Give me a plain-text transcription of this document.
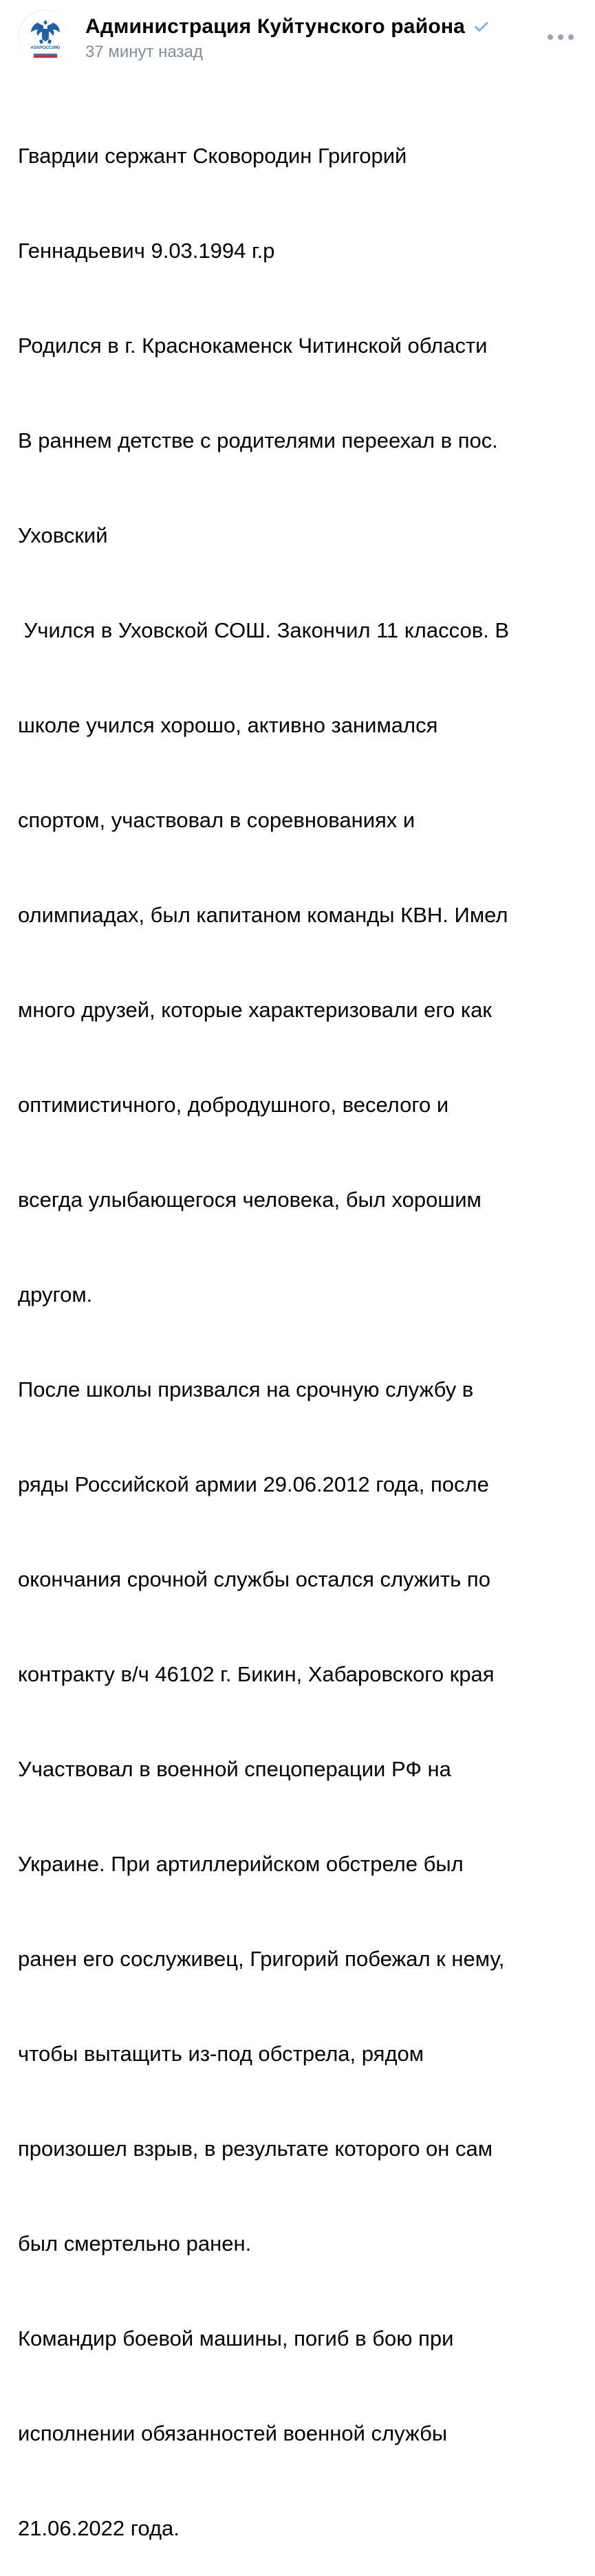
#ЗАРОССИЮ
Администрация Куйтунского района
37 минут назад

Гвардии сержант Сковородин Григорий

Геннадьевич 9.03.1994 г.р

Родился в г. Краснокаменск Читинской области

В раннем детстве с родителями переехал в пос.

Уховский

Учился в Уховской СОШ. Закончил 11 классов. В

школе учился хорошо, активно занимался

спортом, участвовал в соревнованиях и

олимпиадах, был капитаном команды КВН. Имел

много друзей, которые характеризовали его как

оптимистичного, добродушного, веселого и

всегда улыбающегося человека, был хорошим

другом.

После школы призвался на срочную службу в

ряды Российской армии 29.06.2012 года, после

окончания срочной службы остался служить по

контракту в/ч 46102 г. Бикин, Хабаровского края

Участвовал в военной спецоперации РФ на

Украине. При артиллерийском обстреле был

ранен его сослуживец, Григорий побежал к нему,

чтобы вытащить из-под обстрела, рядом

произошел взрыв, в результате которого он сам

был смертельно ранен.

Командир боевой машины, погиб в бою при

исполнении обязанностей военной службы

21.06.2022 года.
